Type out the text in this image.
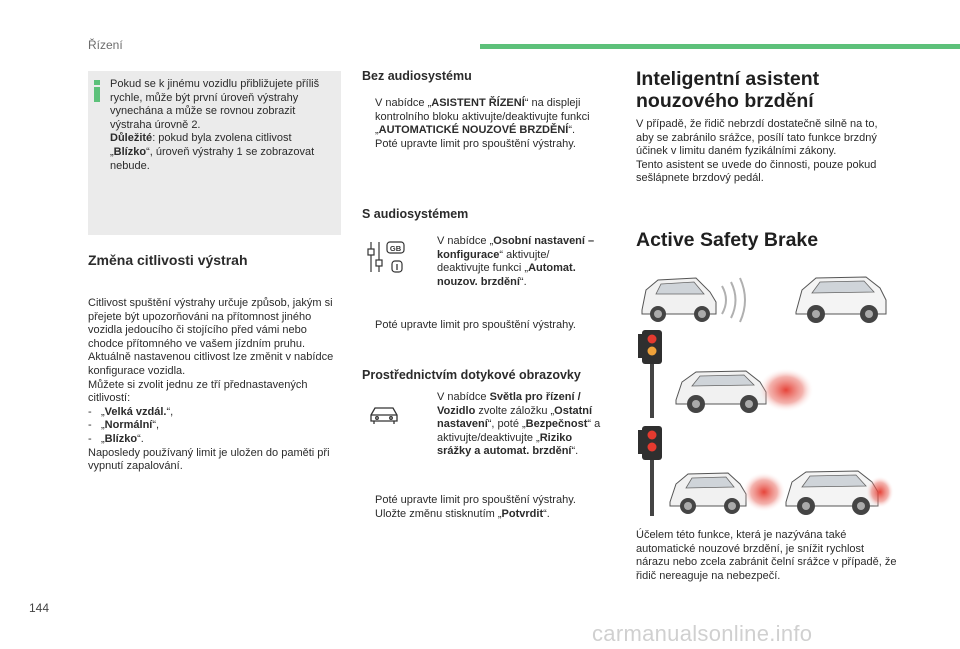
Řízení

Pokud se k jinému vozidlu přibližujete příliš rychle, může být první úroveň výstrahy vynechána a může se rovnou zobrazit výstraha úrovně 2.

Důležité: pokud byla zvolena citlivost „Blízko“, úroveň výstrahy 1 se zobrazovat nebude.

Změna citlivosti výstrah

Citlivost spuštění výstrahy určuje způsob, jakým si přejete být upozorňováni na přítomnost jiného vozidla jedoucího či stojícího před vámi nebo chodce přítomného ve vašem jízdním pruhu.

Aktuálně nastavenou citlivost lze změnit v nabídce konfigurace vozidla.

Můžete si zvolit jednu ze tří přednastavených citlivostí:

- „Velká vzdál.“,
- „Normální“,
- „Blízko“.

Naposledy používaný limit je uložen do paměti při vypnutí zapalování.

Bez audiosystému
V nabídce „ASISTENT ŘÍZENÍ“ na displeji kontrolního bloku aktivujte/deaktivujte funkci „AUTOMATICKÉ NOUZOVÉ BRZDĚNÍ“.
Poté upravte limit pro spouštění výstrahy.
S audiosystémem
GB
V nabídce „Osobní nastavení – konfigurace“ aktivujte/ deaktivujte funkci „Automat. nouzov. brzdění“.
Poté upravte limit pro spouštění výstrahy.
Prostřednictvím dotykové obrazovky
V nabídce Světla pro řízení / Vozidlo zvolte záložku „Ostatní nastavení“, poté „Bezpečnost“ a aktivujte/deaktivujte „Riziko srážky a automat. brzdění“.
Poté upravte limit pro spouštění výstrahy.
Uložte změnu stisknutím „Potvrdit“.
Inteligentní asistent nouzového brzdění

V případě, že řidič nebrzdí dostatečně silně na to, aby se zabránilo srážce, posílí tato funkce brzdný účinek v limitu daném fyzikálními zákony.

Tento asistent se uvede do činnosti, pouze pokud sešlápnete brzdový pedál.

Active Safety Brake

Účelem této funkce, která je nazývána také automatické nouzové brzdění, je snížit rychlost nárazu nebo zcela zabránit čelní srážce v případě, že řidič nereaguje na nebezpečí.

144
carmanualsonline.info
